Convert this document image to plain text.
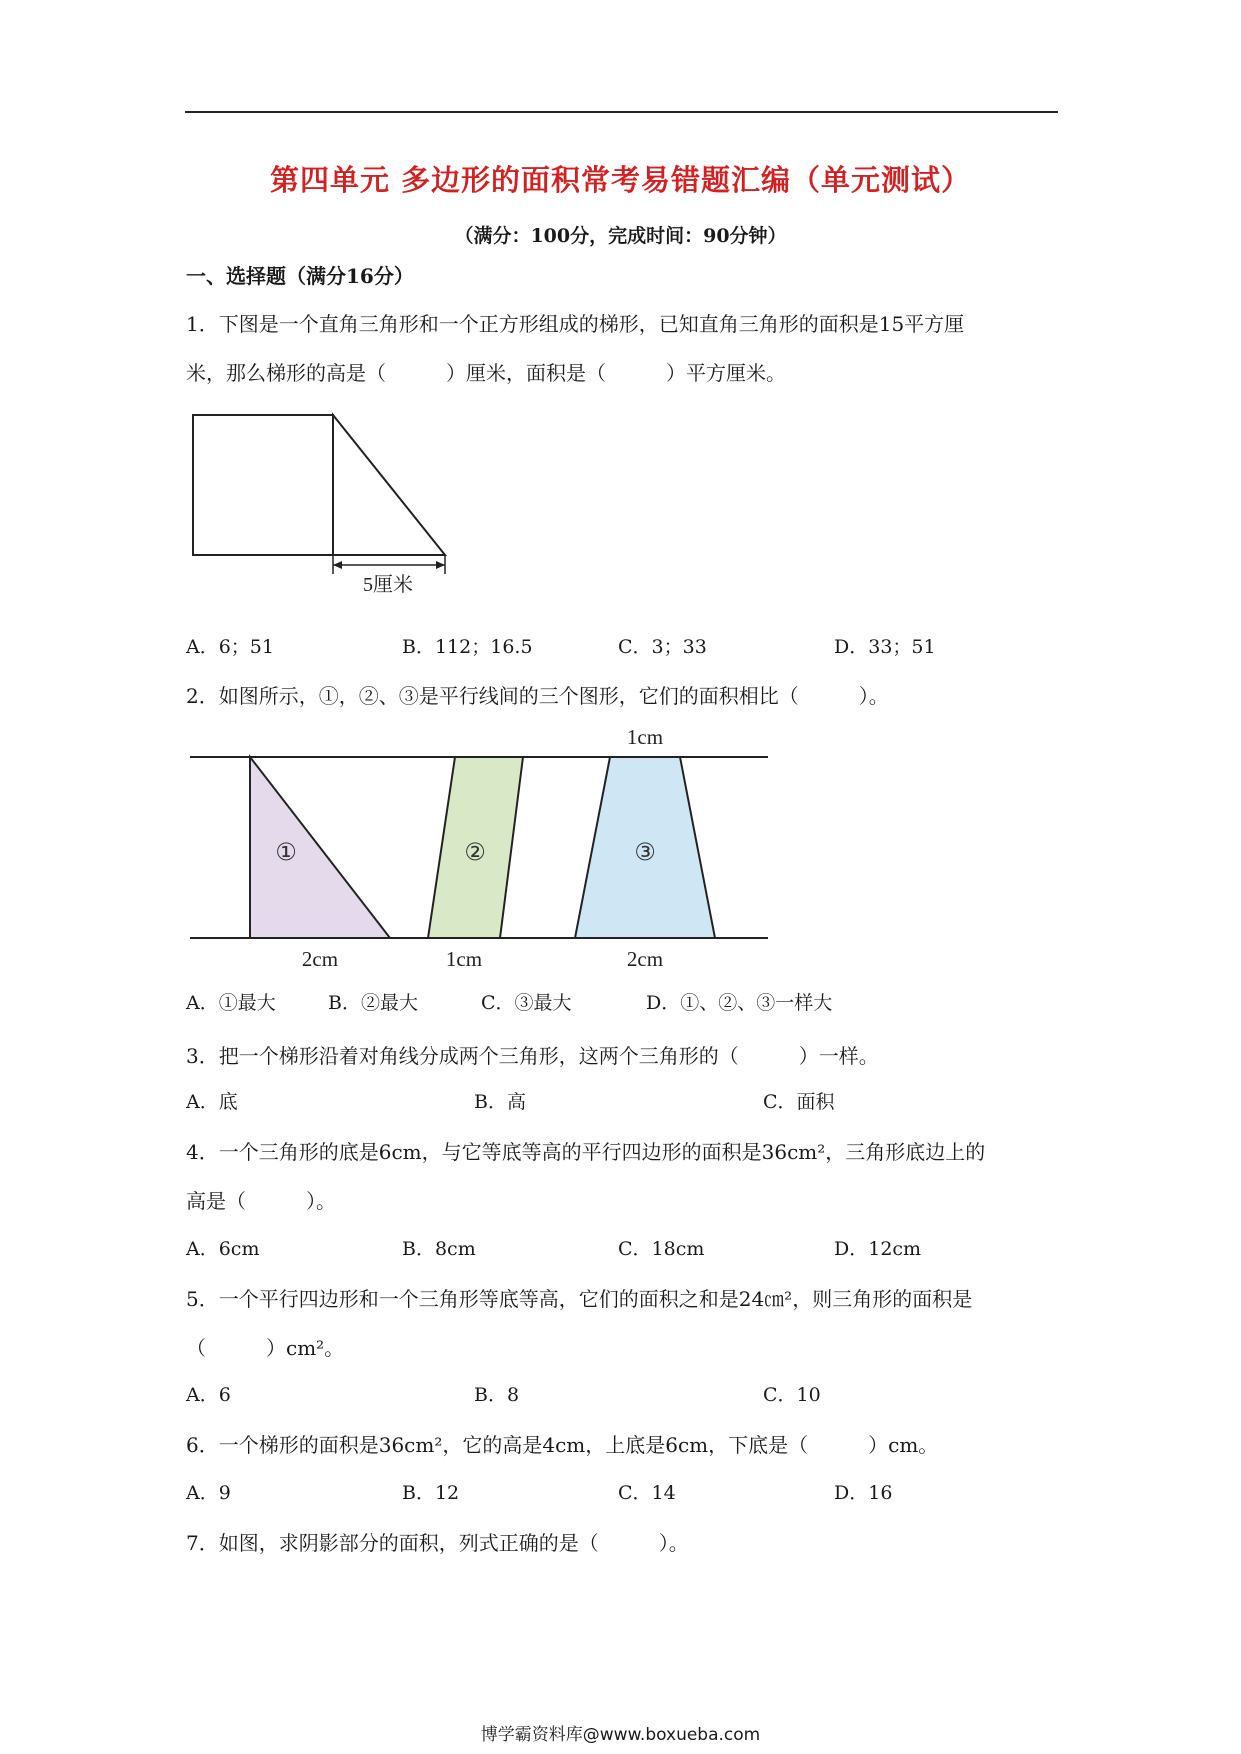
第四单元 多边形的面积常考易错题汇编（单元测试）
（满分：100分，完成时间：90分钟）
一、选择题（满分16分）
1．下图是一个直角三角形和一个正方形组成的梯形，已知直角三角形的面积是15平方厘
米，那么梯形的高是（　　　）厘米，面积是（　　　）平方厘米。
5厘米
A．6；51	B．112；16.5	C．3；33	D．33；51
2．如图所示，①，②、③是平行线间的三个图形，它们的面积相比（　　　）。
①	②	③
1cm
2cm	1cm	2cm
A．①最大	B．②最大	C．③最大	D．①、②、③一样大
3．把一个梯形沿着对角线分成两个三角形，这两个三角形的（　　　）一样。
A．底	B．高	C．面积
4．一个三角形的底是6cm，与它等底等高的平行四边形的面积是36cm²，三角形底边上的
高是（　　　）。
A．6cm	B．8cm	C．18cm	D．12cm
5．一个平行四边形和一个三角形等底等高，它们的面积之和是24㎝²，则三角形的面积是
（　　　）cm²。
A．6	B．8	C．10
6．一个梯形的面积是36cm²，它的高是4cm，上底是6cm，下底是（　　　）cm。
A．9	B．12	C．14	D．16
7．如图，求阴影部分的面积，列式正确的是（　　　）。
博学霸资料库@www.boxueba.com
